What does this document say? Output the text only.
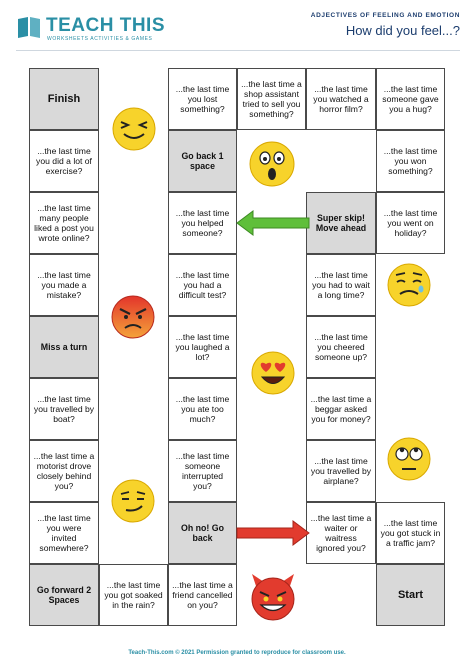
TEACH THIS
WORKSHEETS ACTIVITIES & GAMES
ADJECTIVES OF FEELING AND EMOTION
How did you feel...?
Finish
...the last time you did a lot of exercise?
...the last time many people liked a post you wrote online?
...the last time you made a mistake?
Miss a turn
...the last time you travelled by boat?
...the last time a motorist drove closely behind you?
...the last time you were invited somewhere?
Go forward 2 Spaces
...the last time you got soaked in the rain?
...the last time you lost something?
Go back 1 space
...the last time you helped someone?
...the last time you had a difficult test?
...the last time you laughed a lot?
...the last time you ate too much?
...the last time someone interrupted you?
Oh no! Go back
...the last time a friend cancelled on you?
...the last time a shop assistant tried to sell you something?
...the last time you watched a horror film?
Super skip! Move ahead
...the last time you had to wait a long time?
...the last time you cheered someone up?
...the last time a beggar asked you for money?
...the last time you travelled by airplane?
...the last time a waiter or waitress ignored you?
...the last time someone gave you a hug?
...the last time you won something?
...the last time you went on holiday?
...the last time you got stuck in a traffic jam?
Start
Teach-This.com © 2021 Permission granted to reproduce for classroom use.
